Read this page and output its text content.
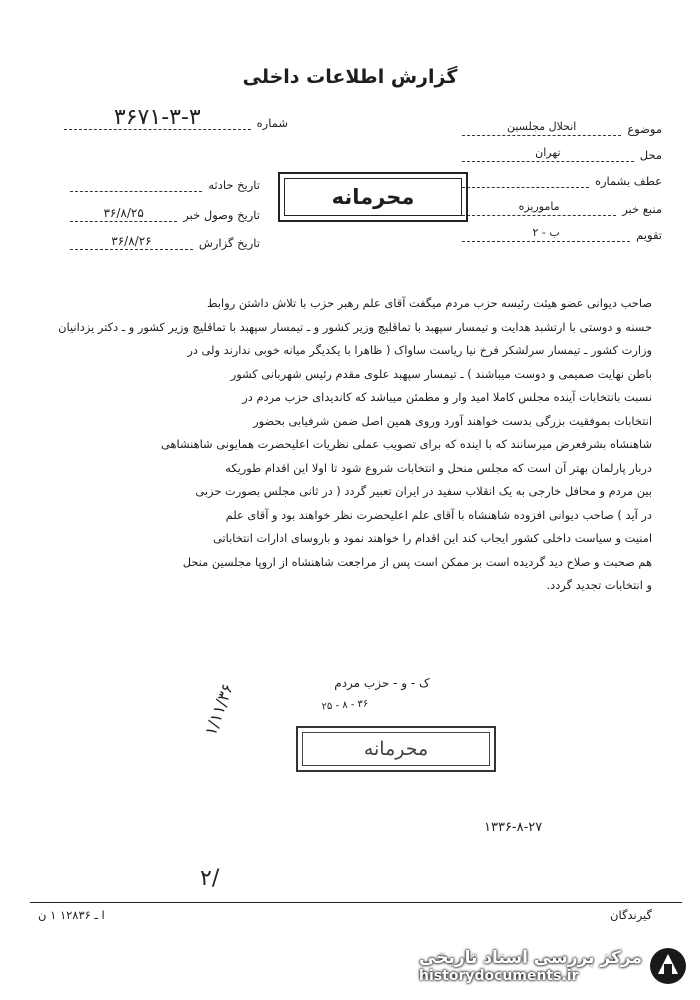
گزارش اطلاعات داخلی
موضوع
انحلال مجلسین
محل
تهران
عطف بشماره
منبع خبر
ماموریزه
تقویم
ب - ۲
شماره
۳۶۷۱-۳-۳
تاریخ حادثه
تاریخ وصول خبر
۳۶/۸/۲۵
تاریخ گزارش
۳۶/۸/۲۶
محرمانه
صاحب دیوانی عضو هیئت رئیسه حزب مردم میگفت آقای علم رهبر حزب با تلاش داشتن روابط
حسنه و دوستی با ارتشبد هدایت و تیمسار سپهبد با تماقلیچ وزیر کشور و ـ تیمسار سپهبد با تماقلیچ وزیر کشور و ـ دکتر یزدانیان
وزارت کشور ـ تیمسار سرلشکر فرخ نیا ریاست ساواک ( ظاهرا با یکدیگر میانه خوبی ندارند ولی در
باطن نهایت صمیمی و دوست میباشند ) ـ تیمسار سپهبد علوی مقدم رئیس شهربانی کشور
نسبت بانتخابات آینده مجلس کاملا امید وار و مطمئن میباشد که کاندیدای حزب مردم در
انتخابات بموفقیت بزرگی بدست خواهند آورد وروی همین اصل ضمن شرفیابی بحضور
شاهنشاه بشرفعرض میرسانند که با اینده که برای تصویب عملی نظریات اعلیحضرت همایونی شاهنشاهی
دربار پارلمان بهتر آن است که مجلس منحل و انتخابات شروع شود تا اولا این اقدام طوریکه
بین مردم و محافل خارجی به یک انقلاب سفید در ایران تعبیر گردد ( در ثانی مجلس بصورت حزبی
در آید ) صاحب دیوانی افزوده شاهنشاه با آقای علم اعلیحضرت نظر خواهند بود و آقای علم
امنیت و سیاست داخلی کشور ایجاب کند این اقدام را خواهند نمود و باروسای ادارات انتخاباتی
هم صحبت و صلاح دید گردیده است بر ممکن است پس از مراجعت شاهنشاه از اروپا مجلسین منحل
و انتخابات تجدید گردد.
ک - و - حزب مردم
۳۶ - ۸ - ۲۵
محرمانه
۱/۱۱/۳۶
۱۳۳۶-۸-۲۷
۲/
گیرندگان
ا ـ ۱۲۸۳۶ ۱ ن
مرکز بررسی اسناد تاریخی
historydocuments.ir
